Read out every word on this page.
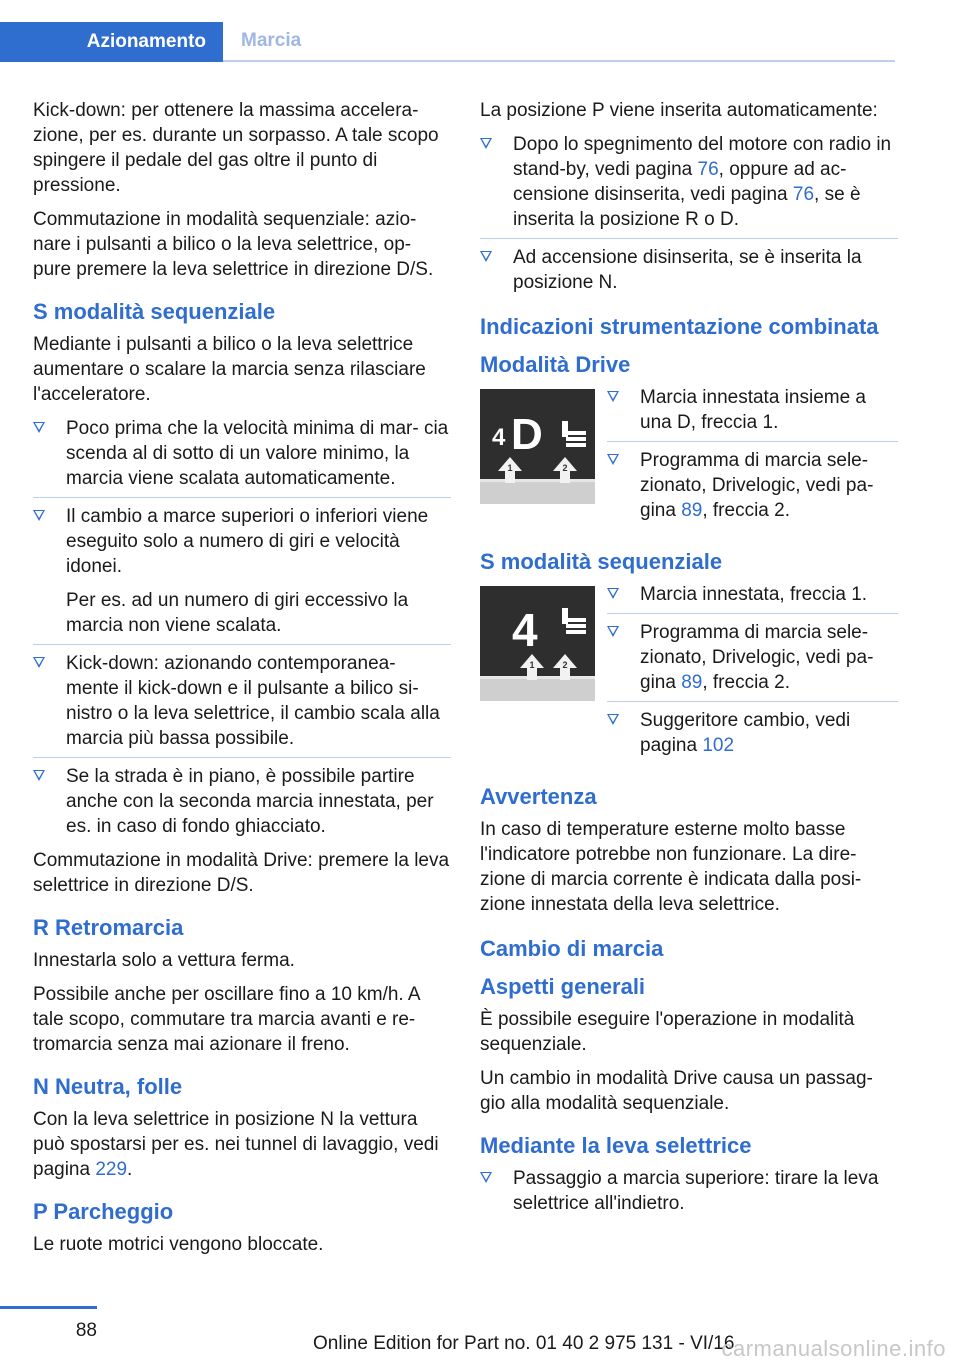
Azionamento	Marcia

Kick-down: per ottenere la massima accelera‐ zione, per es. durante un sorpasso. A tale scopo spingere il pedale del gas oltre il punto di pressione.

Commutazione in modalità sequenziale: azio‐ nare i pulsanti a bilico o la leva selettrice, op‐ pure premere la leva selettrice in direzione D/S.

S modalità sequenziale

Mediante i pulsanti a bilico o la leva selettrice aumentare o scalare la marcia senza rilasciare l'acceleratore.

Poco prima che la velocità minima di mar‐ cia scenda al di sotto di un valore minimo, la marcia viene scalata automaticamente.
Il cambio a marce superiori o inferiori viene eseguito solo a numero di giri e velocità idonei.
Per es. ad un numero di giri eccessivo la marcia non viene scalata.
Kick-down: azionando contemporanea‐ mente il kick-down e il pulsante a bilico si‐ nistro o la leva selettrice, il cambio scala alla marcia più bassa possibile.
Se la strada è in piano, è possibile partire anche con la seconda marcia innestata, per es. in caso di fondo ghiacciato.

Commutazione in modalità Drive: premere la leva selettrice in direzione D/S.

R Retromarcia

Innestarla solo a vettura ferma.

Possibile anche per oscillare fino a 10 km/h. A tale scopo, commutare tra marcia avanti e re‐ tromarcia senza mai azionare il freno.

N Neutra, folle

Con la leva selettrice in posizione N la vettura può spostarsi per es. nei tunnel di lavaggio, vedi pagina 229.

P Parcheggio

Le ruote motrici vengono bloccate.

La posizione P viene inserita automaticamente:

Dopo lo spegnimento del motore con radio in stand-by, vedi pagina 76, oppure ad ac‐ censione disinserita, vedi pagina 76, se è inserita la posizione R o D.
Ad accensione disinserita, se è inserita la posizione N.
Indicazioni strumentazione combinata
Modalità Drive
4 D
1	2
Marcia innestata insieme a una D, freccia 1.
Programma di marcia sele‐ zionato, Drivelogic, vedi pa‐ gina 89, freccia 2.
S modalità sequenziale
4
1	2
Marcia innestata, freccia 1.
Programma di marcia sele‐ zionato, Drivelogic, vedi pa‐ gina 89, freccia 2.
Suggeritore cambio, vedi pagina 102
Avvertenza

In caso di temperature esterne molto basse l'indicatore potrebbe non funzionare. La dire‐ zione di marcia corrente è indicata dalla posi‐ zione innestata della leva selettrice.

Cambio di marcia
Aspetti generali

È possibile eseguire l'operazione in modalità sequenziale.

Un cambio in modalità Drive causa un passag‐ gio alla modalità sequenziale.

Mediante la leva selettrice
Passaggio a marcia superiore: tirare la leva selettrice all'indietro.
88
Online Edition for Part no. 01 40 2 975 131 - VI/16
carmanualsonline.info
